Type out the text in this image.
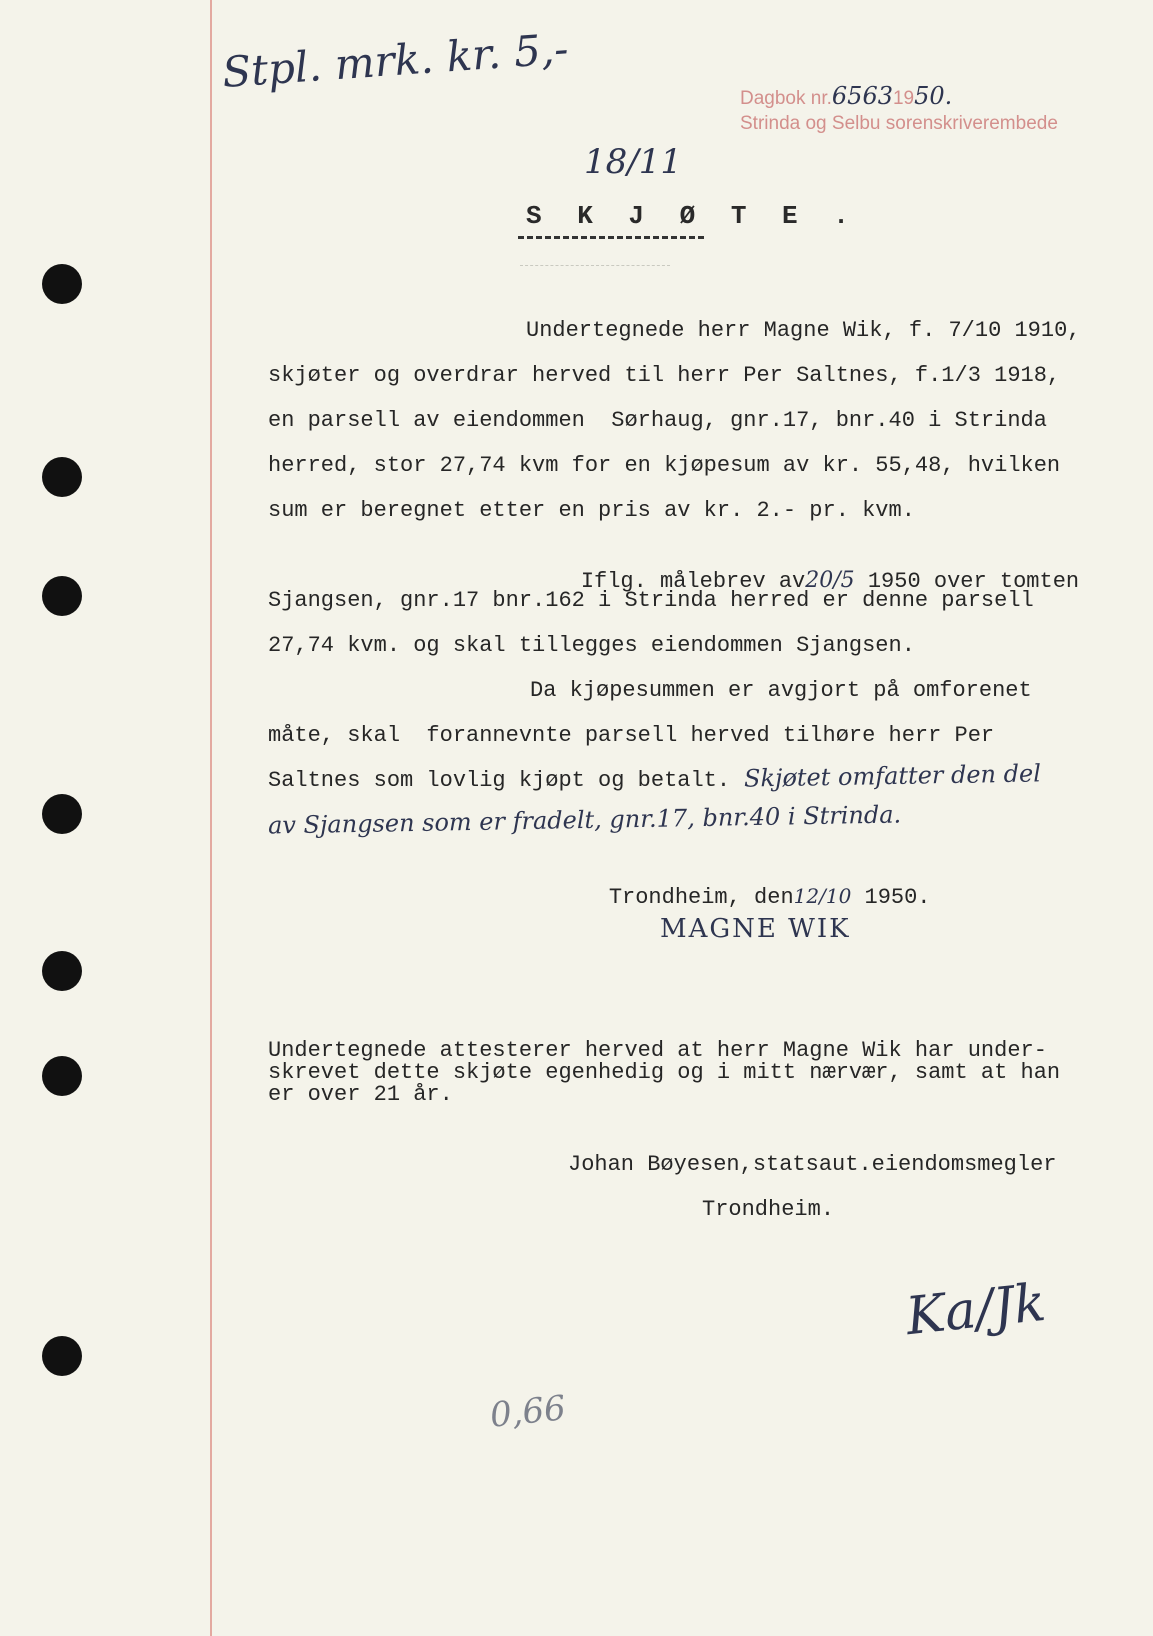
Stpl. mrk. kr. 5,-
Dagbok nr.65631950.
Strinda og Selbu sorenskriverembede
18/11
S K J Ø T E .
Undertegnede herr Magne Wik, f. 7/10 1910,
skjøter og overdrar herved til herr Per Saltnes, f.1/3 1918,
en parsell av eiendommen  Sørhaug, gnr.17, bnr.40 i Strinda
herred, stor 27,74 kvm for en kjøpesum av kr. 55,48, hvilken
sum er beregnet etter en pris av kr. 2.- pr. kvm.

Iflg. målebrev av20/5 1950 over tomten

Sjangsen, gnr.17 bnr.162 i Strinda herred er denne parsell
27,74 kvm. og skal tillegges eiendommen Sjangsen.
Da kjøpesummen er avgjort på omforenet
måte, skal  forannevnte parsell herved tilhøre herr Per
Saltnes som lovlig kjøpt og betalt. Skjøtet omfatter den del
av Sjangsen som er fradelt, gnr.17, bnr.40 i Strinda.

Trondheim, den12/10 1950.

MAGNE WIK
Undertegnede attesterer herved at herr Magne Wik har under-
skrevet dette skjøte egenhedig og i mitt nærvær, samt at han
er over 21 år.
Johan Bøyesen,statsaut.eiendomsmegler
Trondheim.
Ka/Jk
0,66
